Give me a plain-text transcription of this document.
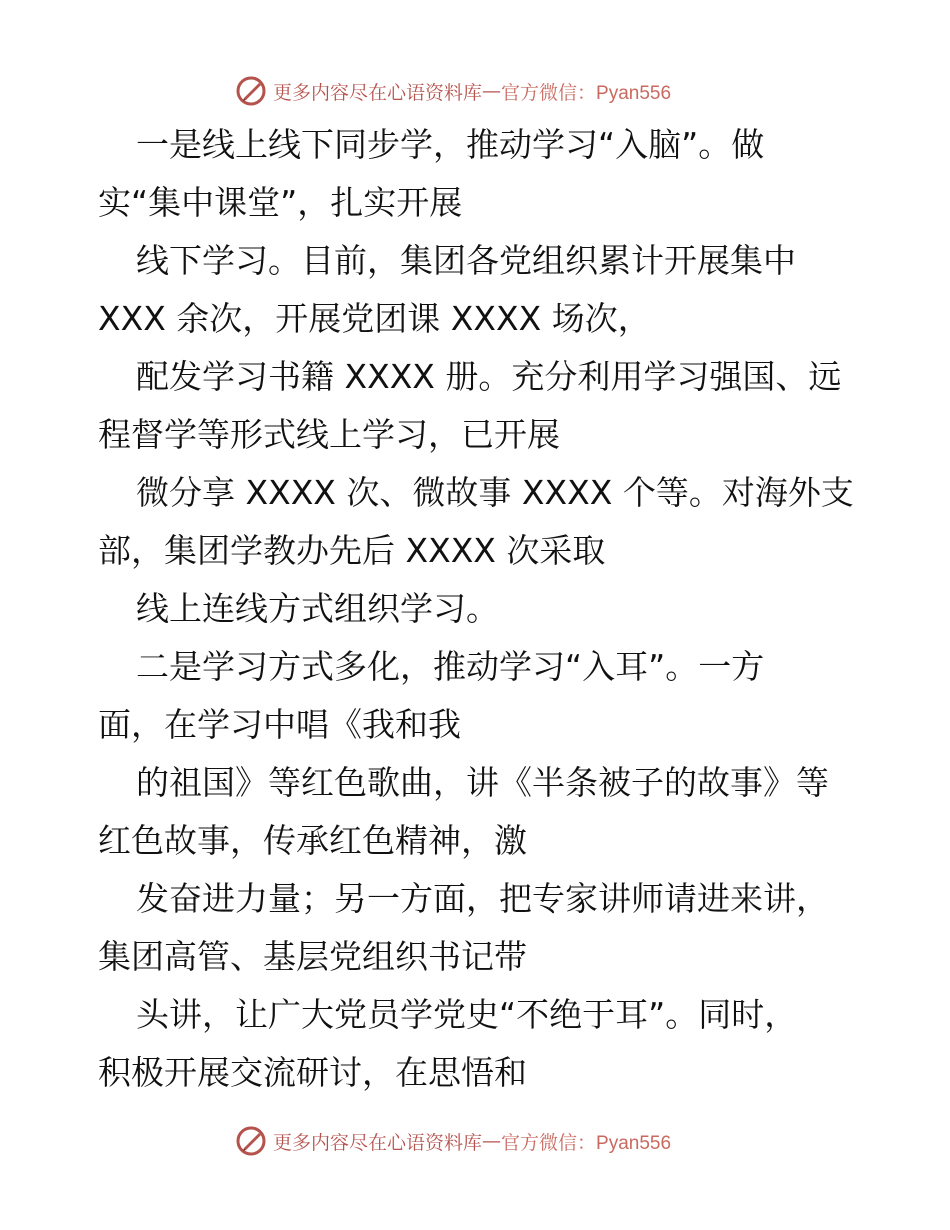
更多内容尽在心语资料库 — 官方微信：Pyan556
一是线上线下同步学，推动学习“入脑”。做
实“集中课堂”，扎实开展
线下学习。目前，集团各党组织累计开展集中
XXX 余次，开展党团课 XXXX 场次，
配发学习书籍 XXXX 册。充分利用学习强国、远
程督学等形式线上学习，已开展
微分享 XXXX 次、微故事 XXXX 个等。对海外支
部，集团学教办先后 XXXX 次采取
线上连线方式组织学习。
二是学习方式多化，推动学习“入耳”。一方
面，在学习中唱《我和我
的祖国》等红色歌曲，讲《半条被子的故事》等
红色故事，传承红色精神，激
发奋进力量；另一方面，把专家讲师请进来讲，
集团高管、基层党组织书记带
头讲，让广大党员学党史“不绝于耳”。同时，
积极开展交流研讨，在思悟和
更多内容尽在心语资料库 — 官方微信：Pyan556
